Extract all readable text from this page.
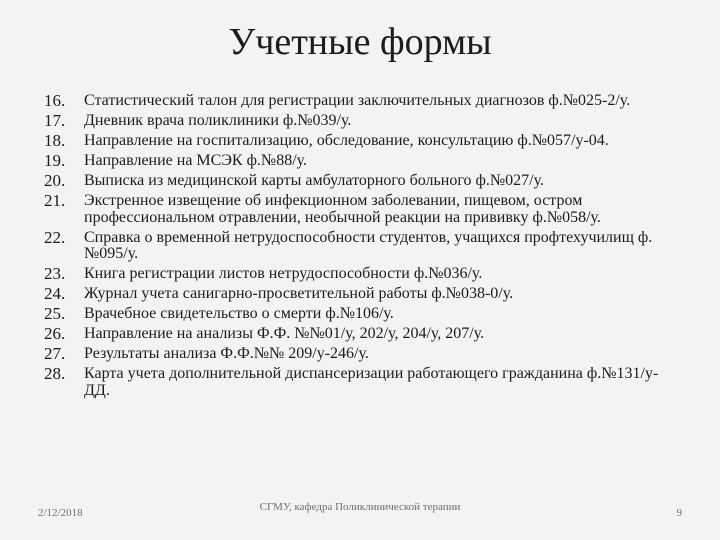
Учетные формы
16.	Статистический талон для регистрации заключительных диагнозов ф.№025-2/у.
17.	Дневник врача поликлиники ф.№039/у.
18.	Направление на госпитализацию, обследование, консультацию ф.№057/у-04.
19.	Направление на МСЭК ф.№88/у.
20.	Выписка из медицинской карты амбулаторного больного ф.№027/у.
21.	Экстренное извещение об инфекционном заболевании, пищевом, остром профессиональном отравлении, необычной реакции на прививку ф.№058/у.
22.	Справка о временной нетрудоспособности студентов, учащихся профтехучилищ ф.№095/у.
23.	Книга регистрации листов нетрудоспособности ф.№036/у.
24.	Журнал учета санигарно-просветительной работы ф.№038-0/у.
25.	Врачебное свидетельство о смерти ф.№106/у.
26.	Направление на анализы Ф.Ф. №№01/у, 202/у, 204/у, 207/у.
27.	Результаты анализа Ф.Ф.№№ 209/у-246/у.
28.	Карта учета дополнительной диспансеризации работающего гражданина ф.№131/у-ДД.
2/12/2018	СГМУ, кафедра Поликлинической терапии	9
